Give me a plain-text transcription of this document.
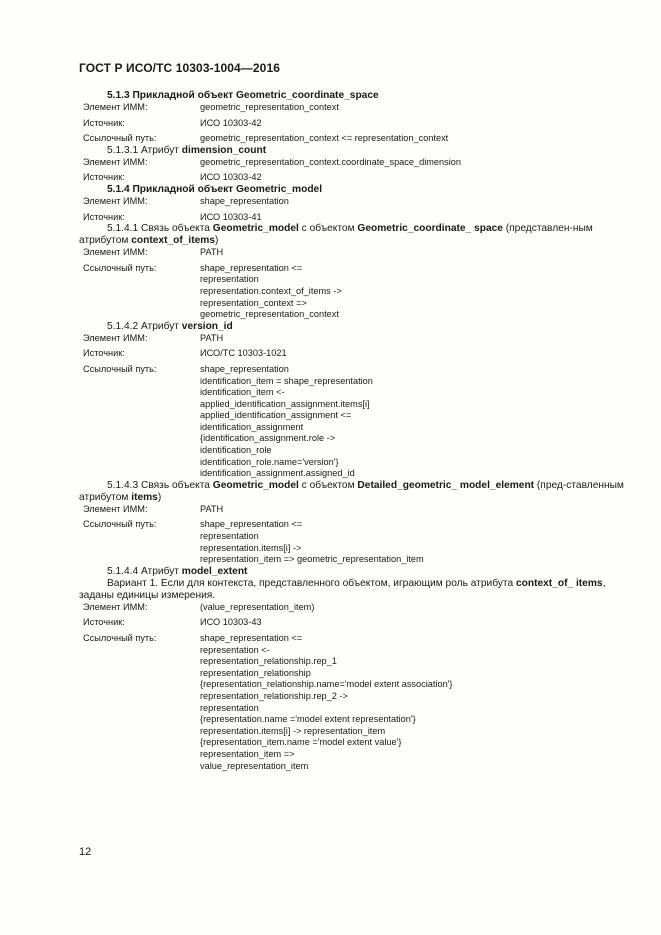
ГОСТ Р ИСО/ТС 10303-1004—2016
5.1.3 Прикладной объект Geometric_coordinate_space
Элемент ИММ:	geometric_representation_context
Источник:	ИСО 10303-42
Ссылочный путь:	geometric_representation_context <= representation_context
5.1.3.1 Атрибут dimension_count
Элемент ИММ:	geometric_representation_context.coordinate_space_dimension
Источник:	ИСО 10303-42
5.1.4 Прикладной объект Geometric_model
Элемент ИММ:	shape_representation
Источник:	ИСО 10303-41
5.1.4.1 Связь объекта Geometric_model с объектом Geometric_coordinate_ space (представлен-ным атрибутом context_of_items)
Элемент ИММ:	PATH
Ссылочный путь:	shape_representation <=
representation
representation.context_of_items ->
representation_context =>
geometric_representation_context
5.1.4.2 Атрибут version_id
Элемент ИММ:	PATH
Источник:	ИСО/ТС 10303-1021
Ссылочный путь:	shape_representation
identification_item = shape_representation
identification_item <-
applied_identification_assignment.items[i]
applied_identification_assignment <=
identification_assignment
{identification_assignment.role ->
identification_role
identification_role.name='version'}
identification_assignment.assigned_id
5.1.4.3 Связь объекта Geometric_model с объектом Detailed_geometric_ model_element (пред-ставленным атрибутом items)
Элемент ИММ:	PATH
Ссылочный путь:	shape_representation <=
representation
representation.items[i] ->
representation_item => geometric_representation_item
5.1.4.4 Атрибут model_extent
Вариант 1. Если для контекста, представленного объектом, играющим роль атрибута context_of_ items, заданы единицы измерения.
Элемент ИММ:	(value_representation_item)
Источник:	ИСО 10303-43
Ссылочный путь:	shape_representation <=
representation <-
representation_relationship.rep_1
representation_relationship
{representation_relationship.name='model extent association'}
representation_relationship.rep_2 ->
representation
{representation.name ='model extent representation'}
representation.items[i] -> representation_item
{representation_item.name ='model extent value'}
representation_item =>
value_representation_item
12
